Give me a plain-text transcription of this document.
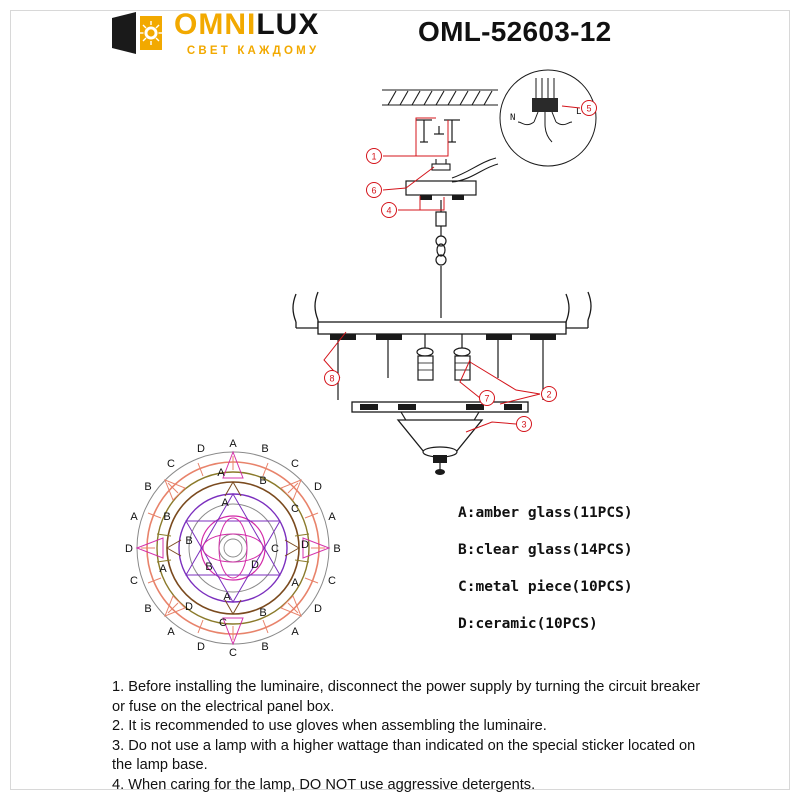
OMNILUX
СВЕТ КАЖДОМУ
OML-52603-12
N
L
1
6
4
5
8
7	2
3
A B
C
D
A
B
C
D
A
B
C
D
A
B
C
D
A
B
C
D
A
B
C
D
A
B
C
D
A
B
A
B	D
C
A
B
A:amber glass(11PCS)
B:clear glass(14PCS)
C:metal piece(10PCS)
D:ceramic(10PCS)

1. Before installing the luminaire, disconnect the power supply by turning the circuit breaker or fuse on the electrical panel box.

2. It is recommended to use gloves when assembling the luminaire.

3. Do not use a lamp with a higher wattage than indicated on the special sticker located on the lamp base.

4. When caring for the lamp, DO NOT use aggressive detergents.
